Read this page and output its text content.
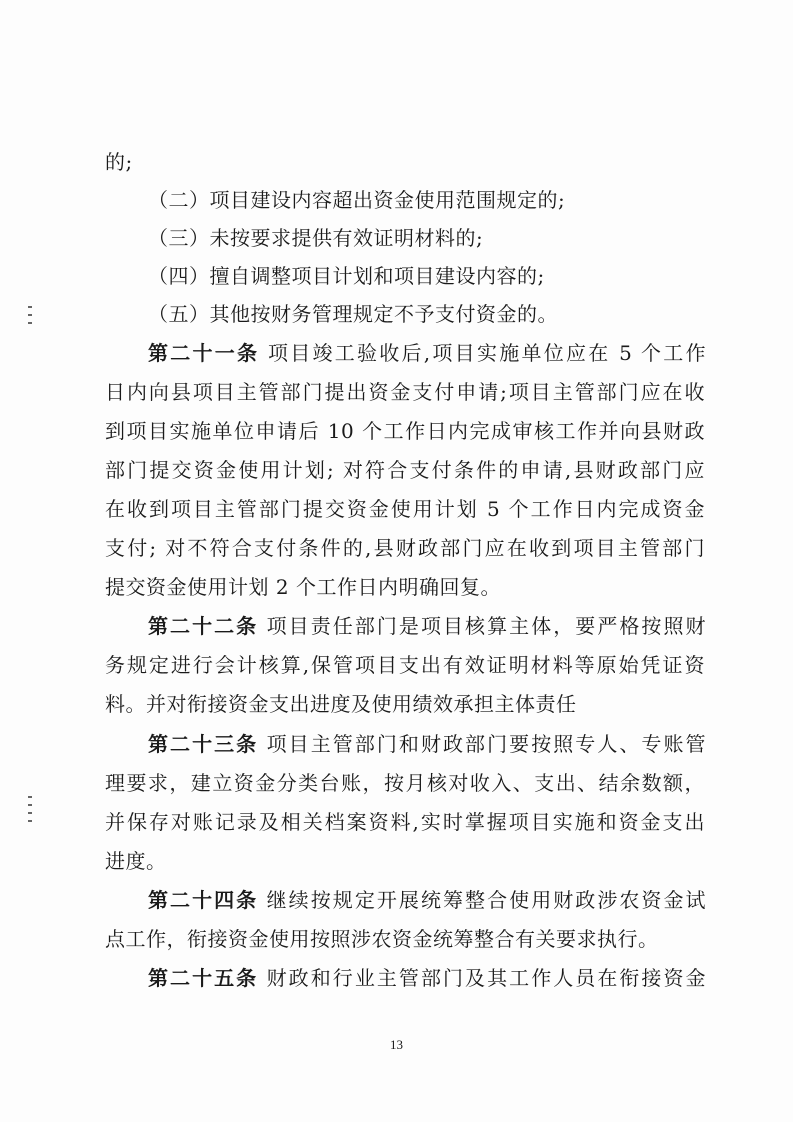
的;
（二）项目建设内容超出资金使用范围规定的;
（三）未按要求提供有效证明材料的;
（四）擅自调整项目计划和项目建设内容的;
（五）其他按财务管理规定不予支付资金的。
第二十一条 项目竣工验收后,项目实施单位应在 5 个工作
日内向县项目主管部门提出资金支付申请;项目主管部门应在收
到项目实施单位申请后 10 个工作日内完成审核工作并向县财政
部门提交资金使用计划; 对符合支付条件的申请,县财政部门应
在收到项目主管部门提交资金使用计划 5 个工作日内完成资金
支付; 对不符合支付条件的,县财政部门应在收到项目主管部门
提交资金使用计划 2 个工作日内明确回复。
第二十二条 项目责任部门是项目核算主体，要严格按照财
务规定进行会计核算,保管项目支出有效证明材料等原始凭证资
料。并对衔接资金支出进度及使用绩效承担主体责任
第二十三条 项目主管部门和财政部门要按照专人、专账管
理要求，建立资金分类台账，按月核对收入、支出、结余数额，
并保存对账记录及相关档案资料,实时掌握项目实施和资金支出
进度。
第二十四条 继续按规定开展统筹整合使用财政涉农资金试
点工作，衔接资金使用按照涉农资金统筹整合有关要求执行。
第二十五条 财政和行业主管部门及其工作人员在衔接资金
13
